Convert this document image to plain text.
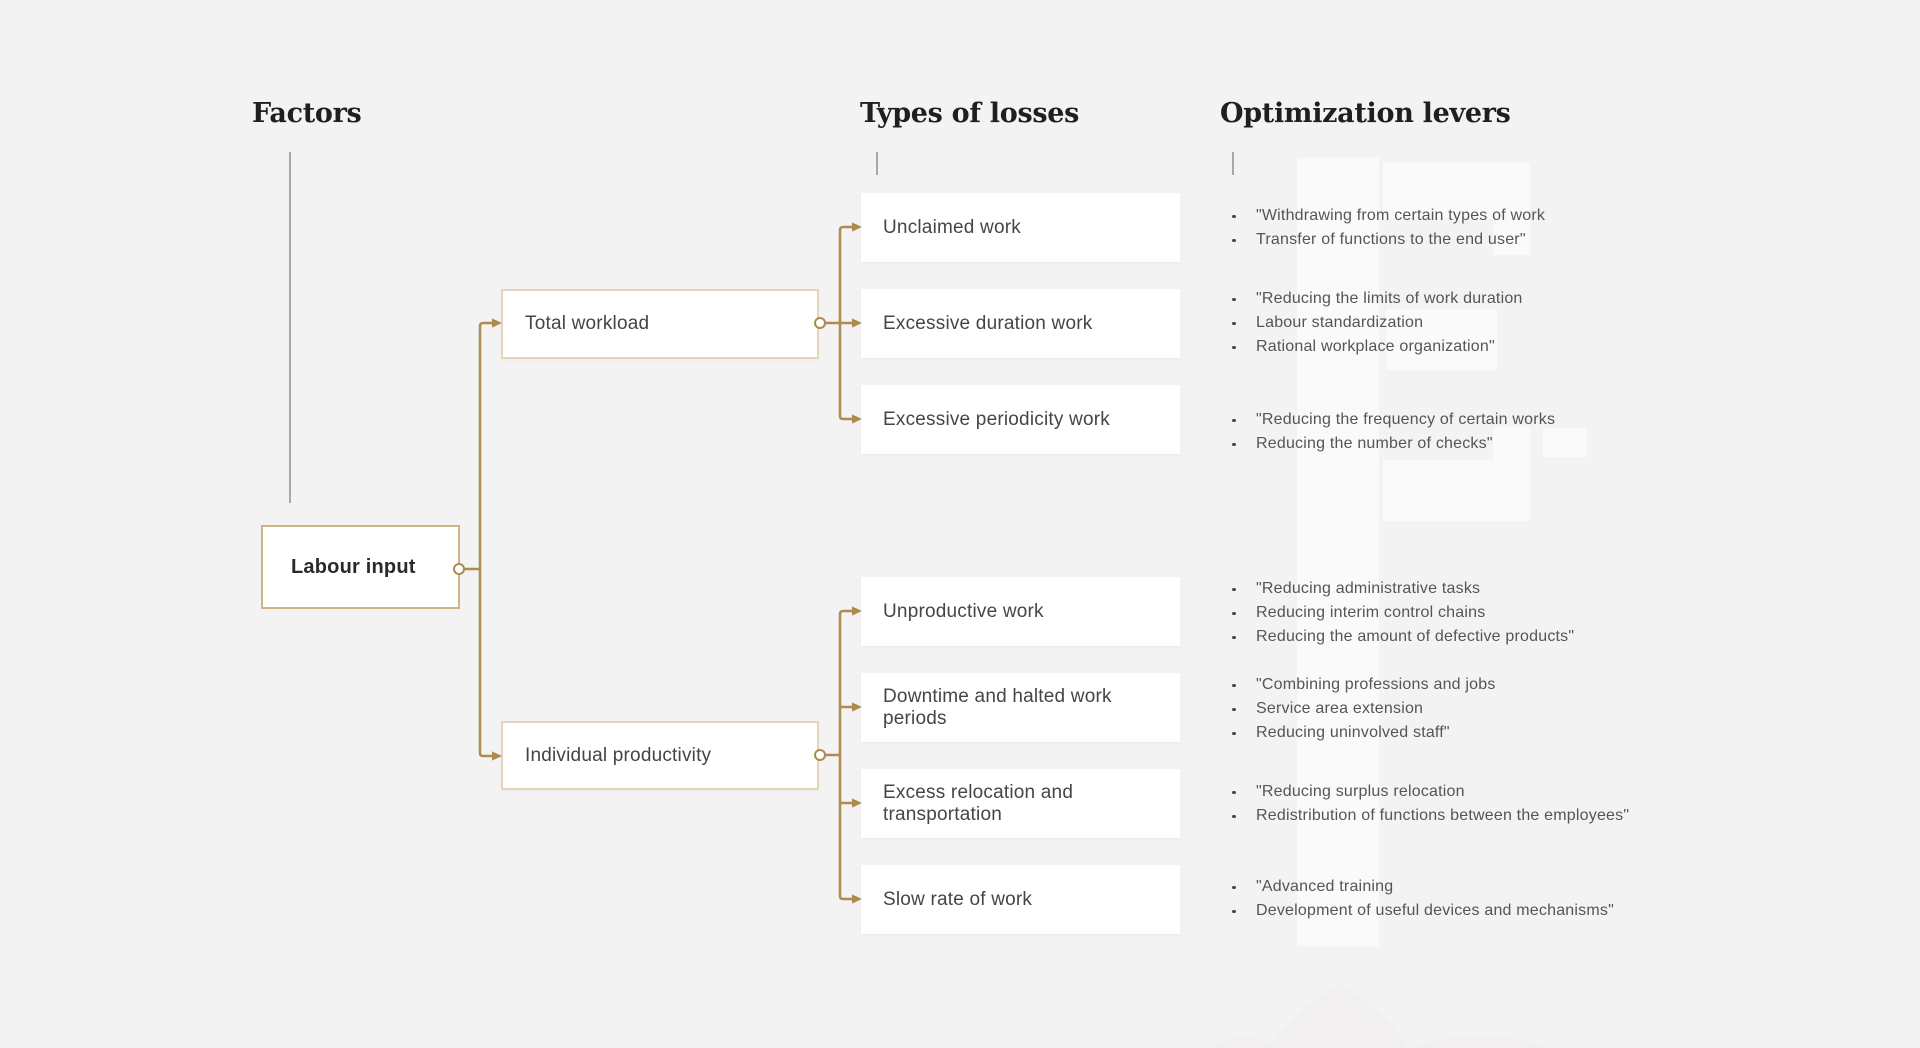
Factors	Types of losses	Optimization levers
Labour input
Total workload
Individual productivity
Unclaimed work
Excessive duration work
Excessive periodicity work
Unproductive work
Downtime and halted work periods
Excess relocation and transportation
Slow rate of work
"Withdrawing from certain types of work
Transfer of functions to the end user"
"Reducing the limits of work duration
Labour standardization
Rational workplace organization"
"Reducing the frequency of certain works
Reducing the number of checks"
"Reducing administrative tasks
Reducing interim control chains
Reducing the amount of defective products"
"Combining professions and jobs
Service area extension
Reducing uninvolved staff"
"Reducing surplus relocation
Redistribution of functions between the employees"
"Advanced training
Development of useful devices and mechanisms"
